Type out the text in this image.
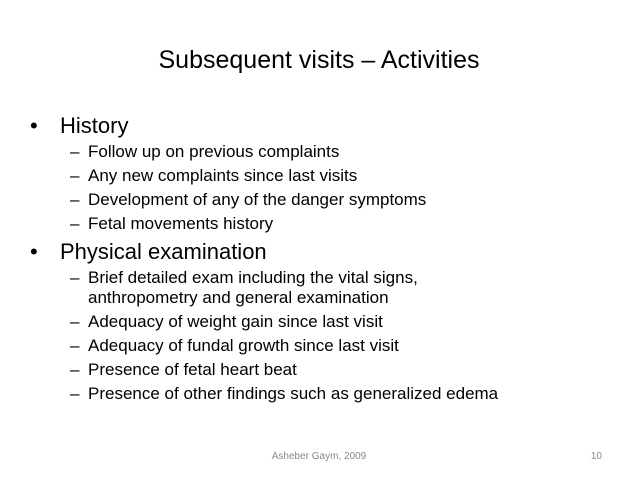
Subsequent visits – Activities
•	History
– Follow up on previous complaints
– Any new complaints since last visits
– Development of any of the danger symptoms
– Fetal movements history
•	Physical examination
– Brief detailed exam including the vital signs,
anthropometry and general examination
– Adequacy of weight gain since last visit
– Adequacy of fundal growth since last visit
– Presence of fetal heart beat
– Presence of other findings such as generalized edema
Asheber Gaym, 2009	10
